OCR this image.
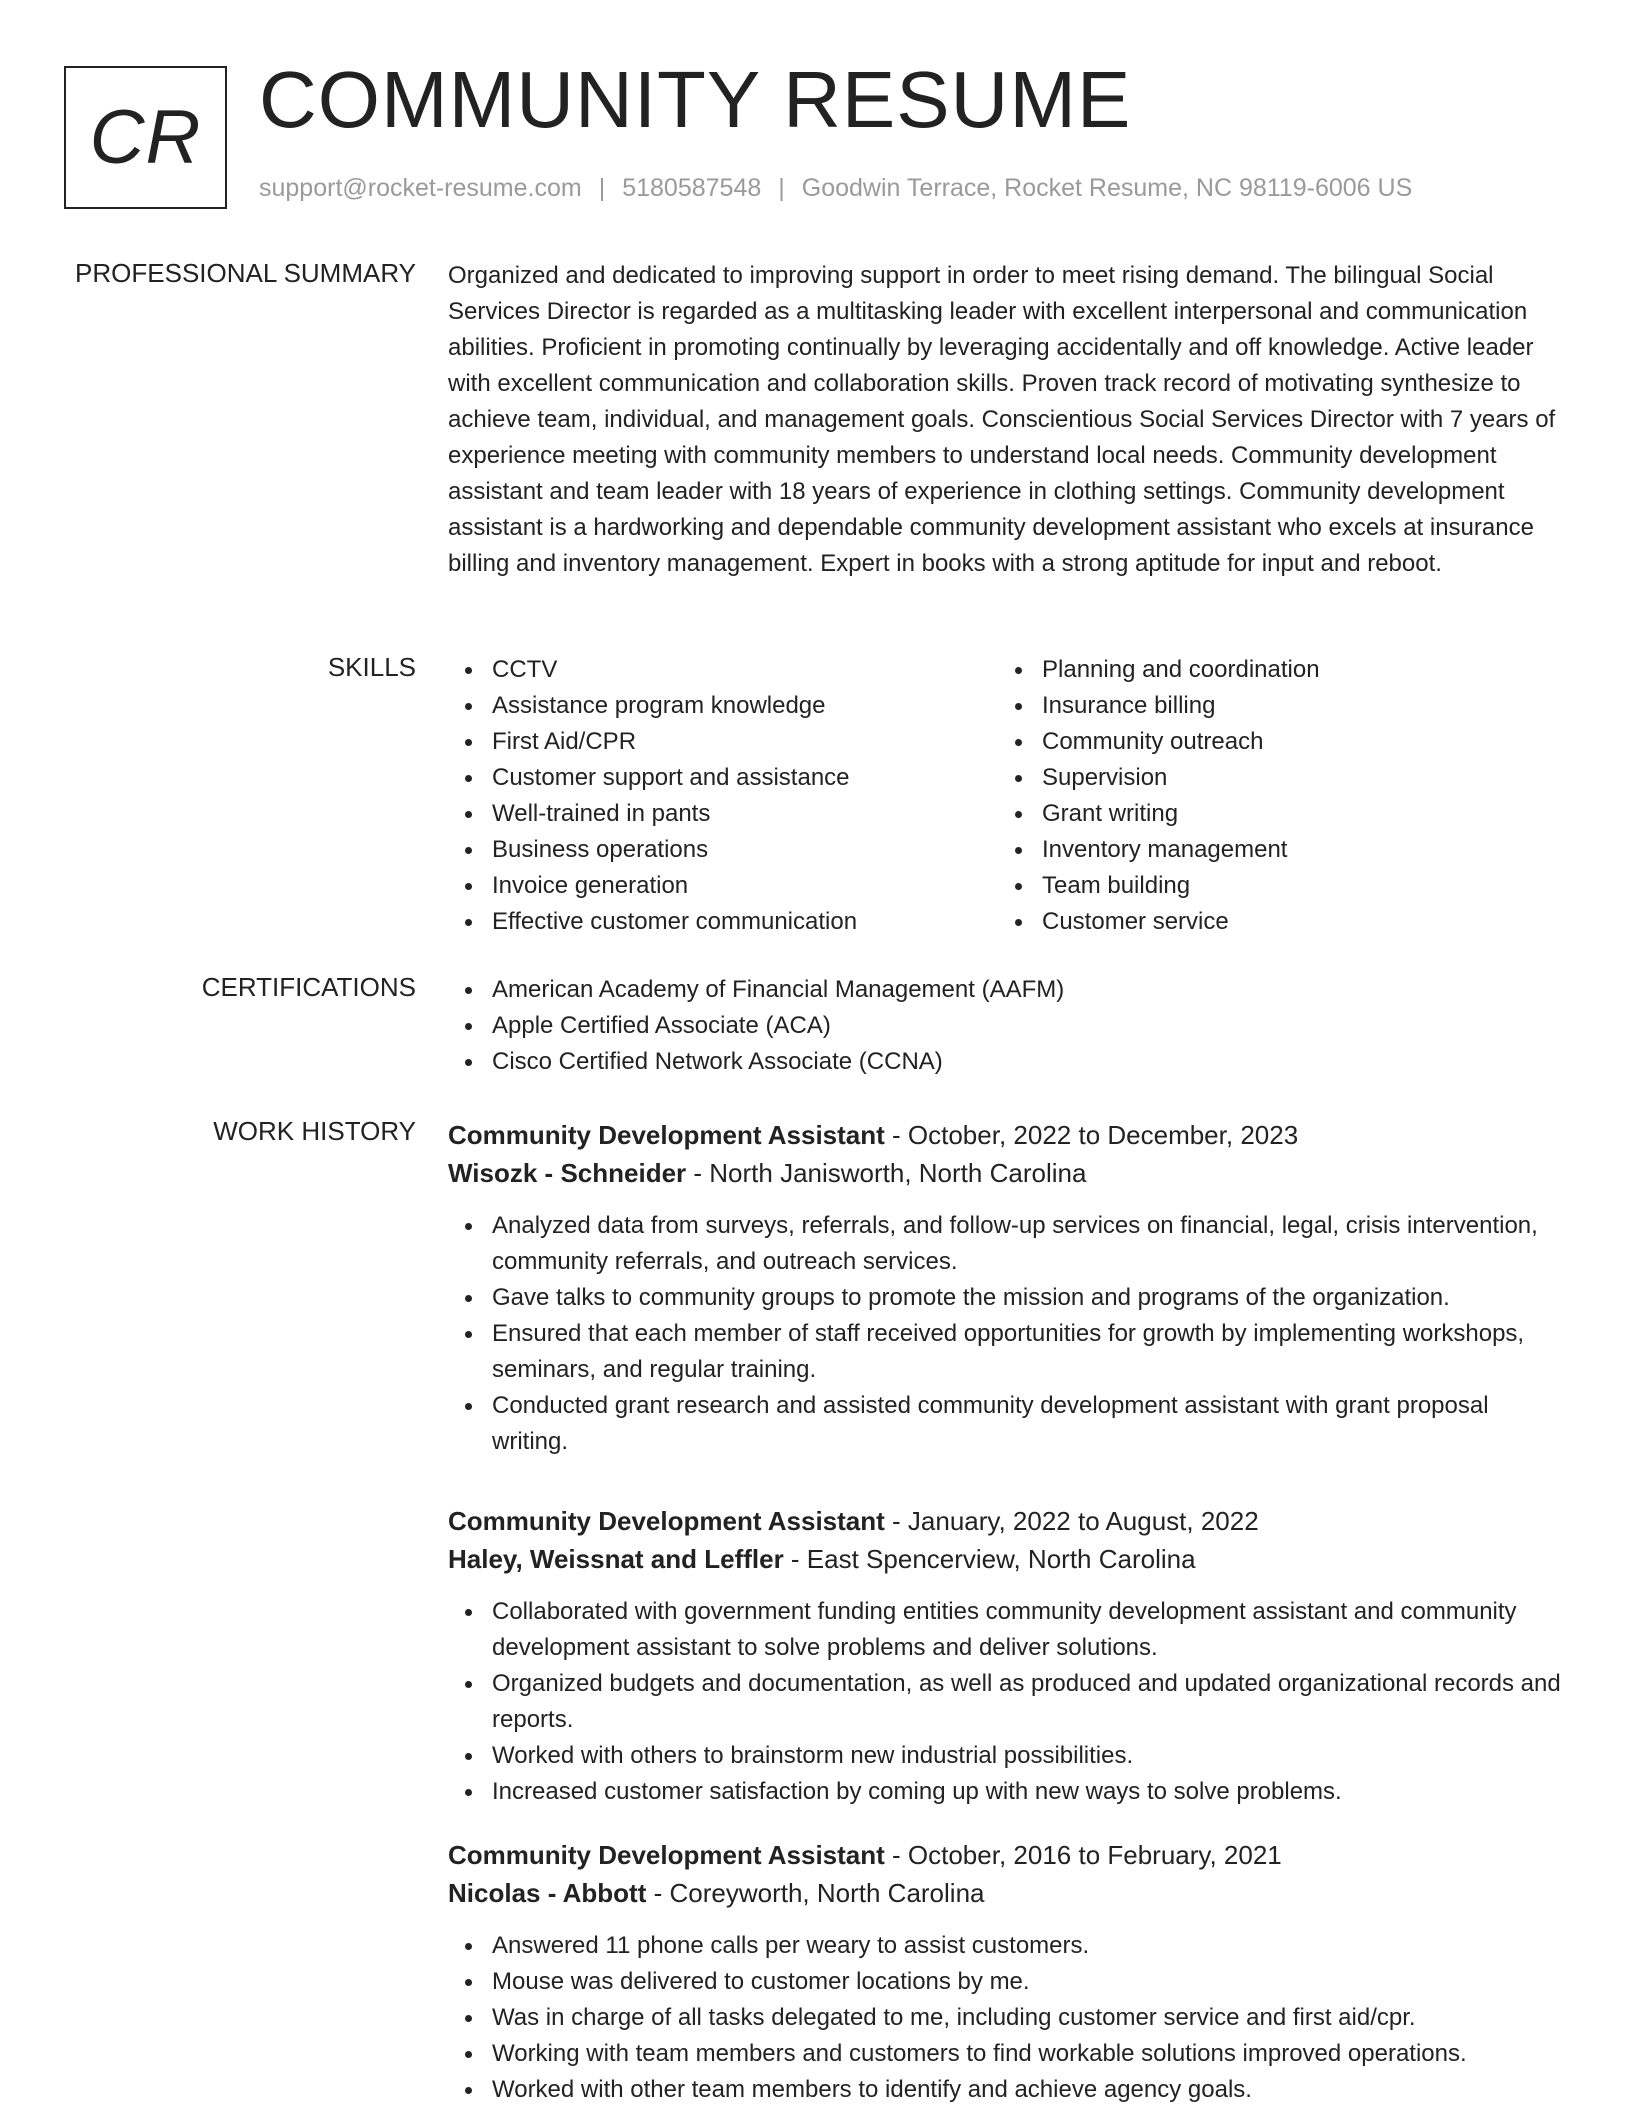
CR COMMUNITY RESUME
support@rocket-resume.com | 5180587548 | Goodwin Terrace, Rocket Resume, NC 98119-6006 US
PROFESSIONAL SUMMARY Organized and dedicated to improving support in order to meet rising demand. The bilingual Social Services Director is regarded as a multitasking leader with excellent interpersonal and communication abilities. Proficient in promoting continually by leveraging accidentally and off knowledge. Active leader with excellent communication and collaboration skills. Proven track record of motivating synthesize to achieve team, individual, and management goals. Conscientious Social Services Director with 7 years of experience meeting with community members to understand local needs. Community development assistant and team leader with 18 years of experience in clothing settings. Community development assistant is a hardworking and dependable community development assistant who excels at insurance billing and inventory management. Expert in books with a strong aptitude for input and reboot.

SKILLS	CCTV
Assistance program knowledge
First Aid/CPR
Customer support and assistance
Well-trained in pants
Business operations
Invoice generation
Effective customer communication
Planning and coordination
Insurance billing
Community outreach
Supervision
Grant writing
Inventory management
Team building
Customer service
CERTIFICATIONS	American Academy of Financial Management (AAFM)
Apple Certified Associate (ACA)
Cisco Certified Network Associate (CCNA)
WORK HISTORY Community Development Assistant - October, 2022 to December, 2023
Wisozk - Schneider - North Janisworth, North Carolina
Analyzed data from surveys, referrals, and follow-up services on financial, legal, crisis intervention, community referrals, and outreach services.
Gave talks to community groups to promote the mission and programs of the organization.
Ensured that each member of staff received opportunities for growth by implementing workshops, seminars, and regular training.
Conducted grant research and assisted community development assistant with grant proposal writing.
Community Development Assistant - January, 2022 to August, 2022
Haley, Weissnat and Leffler - East Spencerview, North Carolina
Collaborated with government funding entities community development assistant and community development assistant to solve problems and deliver solutions.
Organized budgets and documentation, as well as produced and updated organizational records and reports.
Worked with others to brainstorm new industrial possibilities.
Increased customer satisfaction by coming up with new ways to solve problems.
Community Development Assistant - October, 2016 to February, 2021
Nicolas - Abbott - Coreyworth, North Carolina
Answered 11 phone calls per weary to assist customers.
Mouse was delivered to customer locations by me.
Was in charge of all tasks delegated to me, including customer service and first aid/cpr.
Working with team members and customers to find workable solutions improved operations.
Worked with other team members to identify and achieve agency goals.
